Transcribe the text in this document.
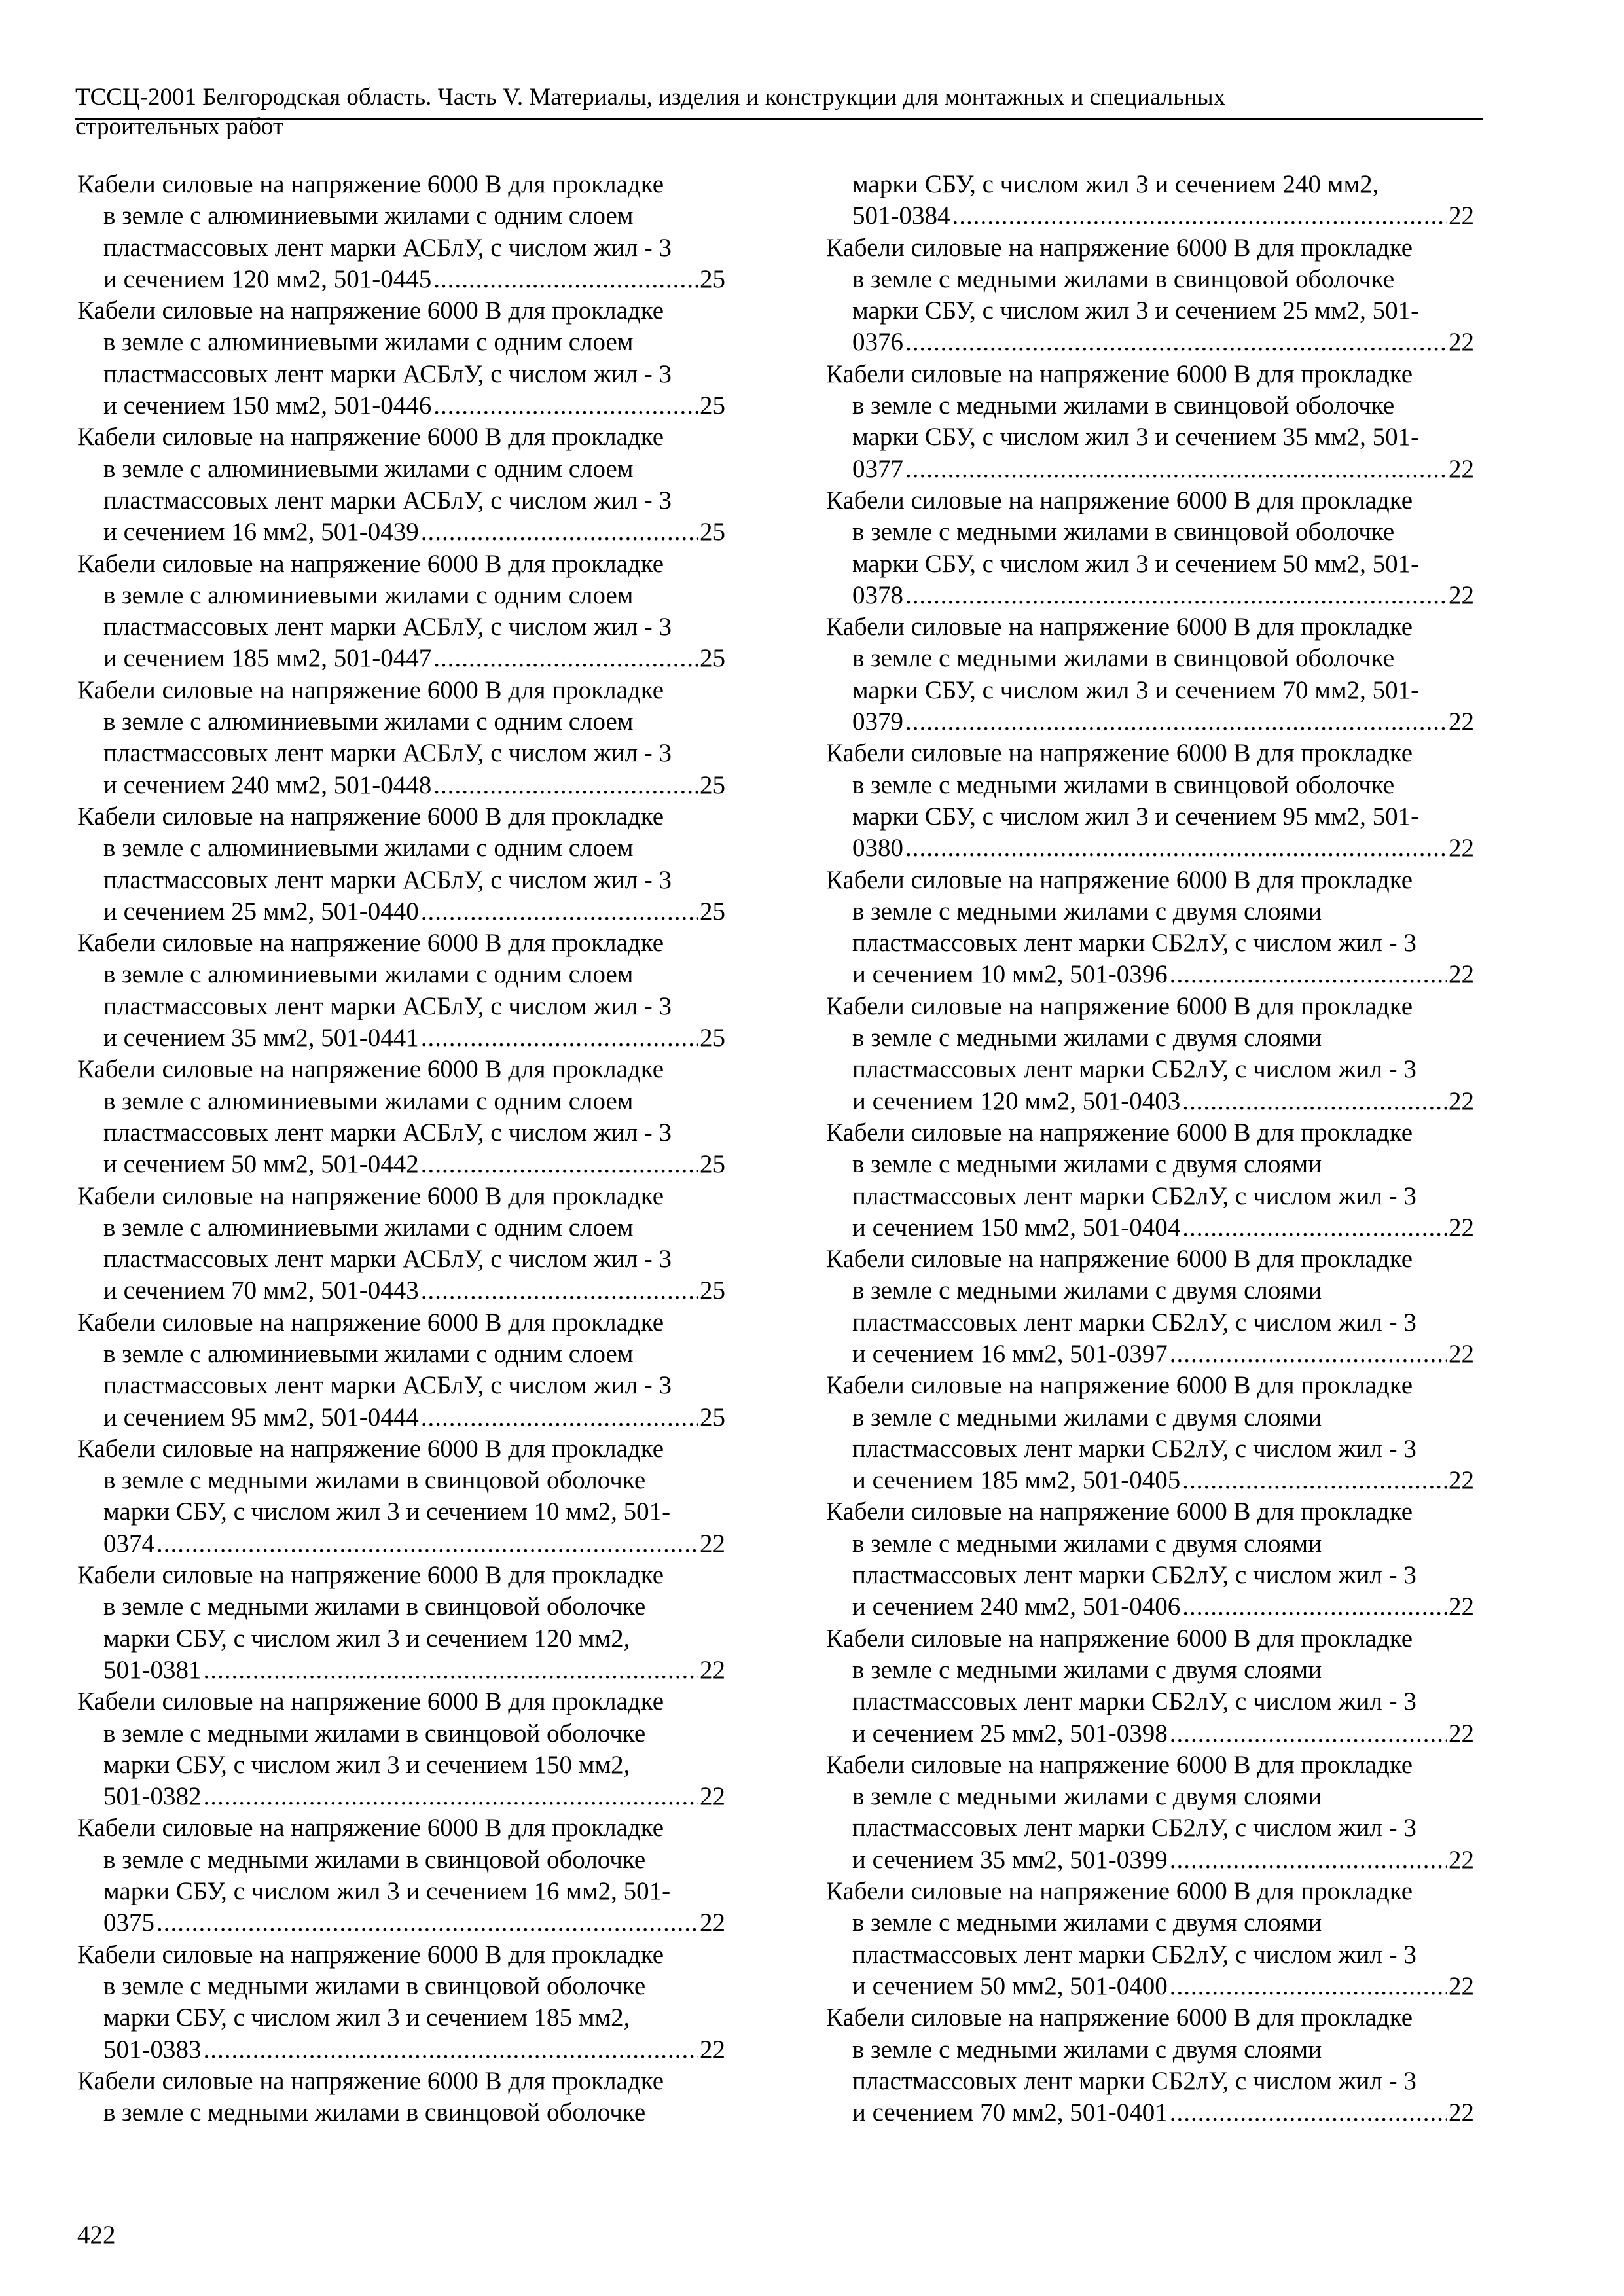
ТССЦ-2001 Белгородская область. Часть V. Материалы, изделия и конструкции для монтажных и специальных
строительных работ

Кабели силовые на напряжение 6000 В для прокладке

в земле с алюминиевыми жилами с одним слоем

пластмассовых лент марки АСБлУ, с числом жил - 3

и сечением 120 мм2, 501-0445 .....	25

Кабели силовые на напряжение 6000 В для прокладке

в земле с алюминиевыми жилами с одним слоем

пластмассовых лент марки АСБлУ, с числом жил - 3

и сечением 150 мм2, 501-0446 .....	25

Кабели силовые на напряжение 6000 В для прокладке

в земле с алюминиевыми жилами с одним слоем

пластмассовых лент марки АСБлУ, с числом жил - 3

и сечением 16 мм2, 501-0439 .....	25

Кабели силовые на напряжение 6000 В для прокладке

в земле с алюминиевыми жилами с одним слоем

пластмассовых лент марки АСБлУ, с числом жил - 3

и сечением 185 мм2, 501-0447 .....	25

Кабели силовые на напряжение 6000 В для прокладке

в земле с алюминиевыми жилами с одним слоем

пластмассовых лент марки АСБлУ, с числом жил - 3

и сечением 240 мм2, 501-0448 .....	25

Кабели силовые на напряжение 6000 В для прокладке

в земле с алюминиевыми жилами с одним слоем

пластмассовых лент марки АСБлУ, с числом жил - 3

и сечением 25 мм2, 501-0440 .....	25

Кабели силовые на напряжение 6000 В для прокладке

в земле с алюминиевыми жилами с одним слоем

пластмассовых лент марки АСБлУ, с числом жил - 3

и сечением 35 мм2, 501-0441 .....	25

Кабели силовые на напряжение 6000 В для прокладке

в земле с алюминиевыми жилами с одним слоем

пластмассовых лент марки АСБлУ, с числом жил - 3

и сечением 50 мм2, 501-0442 .....	25

Кабели силовые на напряжение 6000 В для прокладке

в земле с алюминиевыми жилами с одним слоем

пластмассовых лент марки АСБлУ, с числом жил - 3

и сечением 70 мм2, 501-0443 .....	25

Кабели силовые на напряжение 6000 В для прокладке

в земле с алюминиевыми жилами с одним слоем

пластмассовых лент марки АСБлУ, с числом жил - 3

и сечением 95 мм2, 501-0444 .....	25

Кабели силовые на напряжение 6000 В для прокладке

в земле с медными жилами в свинцовой оболочке

марки СБУ, с числом жил 3 и сечением 10 мм2, 501-

0374 .....	22

Кабели силовые на напряжение 6000 В для прокладке

в земле с медными жилами в свинцовой оболочке

марки СБУ, с числом жил 3 и сечением 120 мм2,

501-0381 .....	22

Кабели силовые на напряжение 6000 В для прокладке

в земле с медными жилами в свинцовой оболочке

марки СБУ, с числом жил 3 и сечением 150 мм2,

501-0382 .....	22

Кабели силовые на напряжение 6000 В для прокладке

в земле с медными жилами в свинцовой оболочке

марки СБУ, с числом жил 3 и сечением 16 мм2, 501-

0375 .....	22

Кабели силовые на напряжение 6000 В для прокладке

в земле с медными жилами в свинцовой оболочке

марки СБУ, с числом жил 3 и сечением 185 мм2,

501-0383 .....	22

Кабели силовые на напряжение 6000 В для прокладке

в земле с медными жилами в свинцовой оболочке

марки СБУ, с числом жил 3 и сечением 240 мм2,

501-0384 .....	22

Кабели силовые на напряжение 6000 В для прокладке

в земле с медными жилами в свинцовой оболочке

марки СБУ, с числом жил 3 и сечением 25 мм2, 501-

0376 .....	22

Кабели силовые на напряжение 6000 В для прокладке

в земле с медными жилами в свинцовой оболочке

марки СБУ, с числом жил 3 и сечением 35 мм2, 501-

0377 .....	22

Кабели силовые на напряжение 6000 В для прокладке

в земле с медными жилами в свинцовой оболочке

марки СБУ, с числом жил 3 и сечением 50 мм2, 501-

0378 .....	22

Кабели силовые на напряжение 6000 В для прокладке

в земле с медными жилами в свинцовой оболочке

марки СБУ, с числом жил 3 и сечением 70 мм2, 501-

0379 .....	22

Кабели силовые на напряжение 6000 В для прокладке

в земле с медными жилами в свинцовой оболочке

марки СБУ, с числом жил 3 и сечением 95 мм2, 501-

0380 .....	22

Кабели силовые на напряжение 6000 В для прокладке

в земле с медными жилами с двумя слоями

пластмассовых лент марки СБ2лУ, с числом жил - 3

и сечением 10 мм2, 501-0396 .....	22

Кабели силовые на напряжение 6000 В для прокладке

в земле с медными жилами с двумя слоями

пластмассовых лент марки СБ2лУ, с числом жил - 3

и сечением 120 мм2, 501-0403 .....	22

Кабели силовые на напряжение 6000 В для прокладке

в земле с медными жилами с двумя слоями

пластмассовых лент марки СБ2лУ, с числом жил - 3

и сечением 150 мм2, 501-0404 .....	22

Кабели силовые на напряжение 6000 В для прокладке

в земле с медными жилами с двумя слоями

пластмассовых лент марки СБ2лУ, с числом жил - 3

и сечением 16 мм2, 501-0397 .....	22

Кабели силовые на напряжение 6000 В для прокладке

в земле с медными жилами с двумя слоями

пластмассовых лент марки СБ2лУ, с числом жил - 3

и сечением 185 мм2, 501-0405 .....	22

Кабели силовые на напряжение 6000 В для прокладке

в земле с медными жилами с двумя слоями

пластмассовых лент марки СБ2лУ, с числом жил - 3

и сечением 240 мм2, 501-0406 .....	22

Кабели силовые на напряжение 6000 В для прокладке

в земле с медными жилами с двумя слоями

пластмассовых лент марки СБ2лУ, с числом жил - 3

и сечением 25 мм2, 501-0398 .....	22

Кабели силовые на напряжение 6000 В для прокладке

в земле с медными жилами с двумя слоями

пластмассовых лент марки СБ2лУ, с числом жил - 3

и сечением 35 мм2, 501-0399 .....	22

Кабели силовые на напряжение 6000 В для прокладке

в земле с медными жилами с двумя слоями

пластмассовых лент марки СБ2лУ, с числом жил - 3

и сечением 50 мм2, 501-0400 .....	22

Кабели силовые на напряжение 6000 В для прокладке

в земле с медными жилами с двумя слоями

пластмассовых лент марки СБ2лУ, с числом жил - 3

и сечением 70 мм2, 501-0401 .....	22

422
